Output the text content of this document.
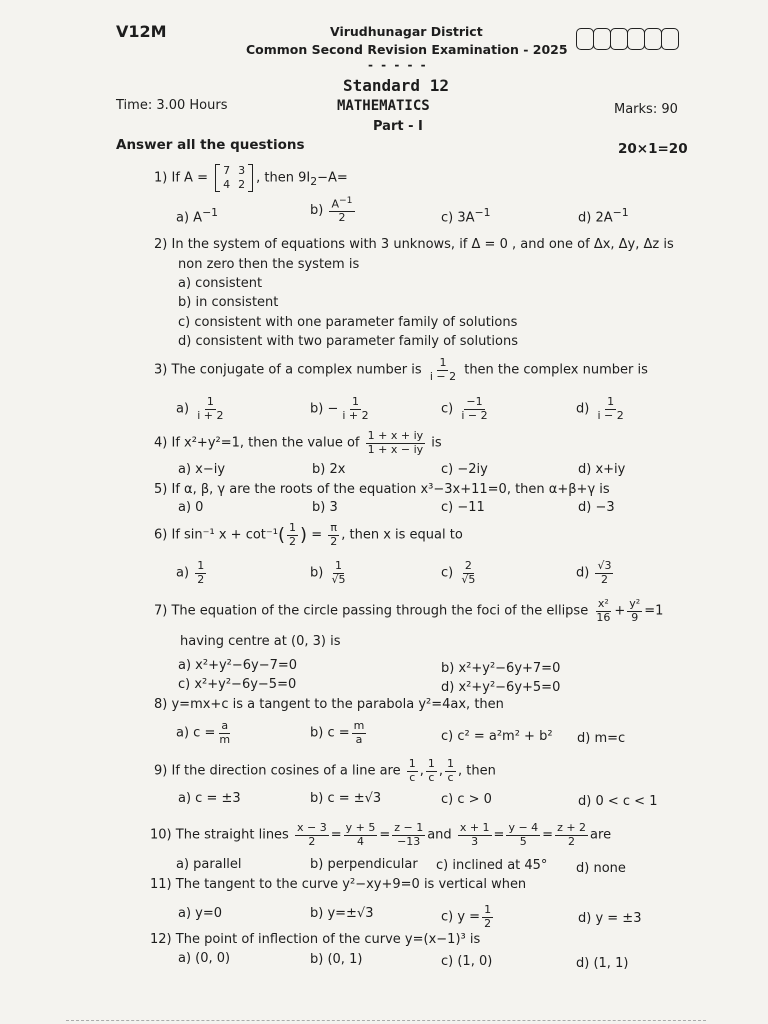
V12M	Virudhunagar District
Common Second Revision Examination - 2025
- - - - -
Standard 12
Time: 3.00 Hours	MATHEMATICS	Marks: 90
Part - I
Answer all the questions	20×1=20
1) If A = 7 3
4 2 , then $9I_2-A=$
a) $A^{-1}$	$b) \frac{A^{-1}}{2}$	c) $3A^{-1}$	d) $2A^{-1}$
2) In the system of equations with 3 unknows, if Δ = 0 , and one of Δx, Δy, Δz is
non zero then the system is
a) consistent
b) in consistent
c) consistent with one parameter family of solutions
d) consistent with two parameter family of solutions
3) The conjugate of a complex number is $\frac{1}{i - 2}$ then the complex number is
$a) \frac{1}{i + 2}$	$b) - \frac{1}{i + 2}$	$c) \frac{-1}{i - 2}$	$d) \frac{1}{i - 2}$
4) If x²+y²=1, then the value of $\frac{1 + x + iy}{1 + x - iy}$ is
a) x−iy	b) 2x	c) −2iy	d) x+iy
5) If α, β, γ are the roots of the equation x³−3x+11=0, then α+β+γ is
a) 0	b) 3	c) −11	d) −3
6) If sin⁻¹ $x + \cot^{-1}( \frac{1}{2}$ ) = $\frac{\pi}{2}$ , then x is equal to
$a) \frac{1}{2}$	$b) \frac{1}{√5}$	$c) \frac{2}{√5}$	$d) \frac{√3}{2}$
7) The equation of the circle passing through the foci of the ellipse $\frac{\text{x²}}{16} + \frac{\text{y²}}{9} =1$
having centre at (0, 3) is
a) x²+y²−6y−7=0	b) x²+y²−6y+7=0
c) x²+y²−6y−5=0	d) x²+y²−6y+5=0
8) y=mx+c is a tangent to the parabola y²=4ax, then
a) $c = \frac{a}{m}$	b) $c = \frac{m}{a}$	c) c² = a²m² + b² d) m=c
9) If the direction cosines of a line are $\frac{1}{c}$ , $\frac{1}{c}$ , $\frac{1}{c}$ , then
a) c = ±3	b) c = ±√3	c) c > 0	d) 0 < c < 1
10) The straight lines $\frac{x - 3}{2} = \frac{y + 5}{4} = \frac{z - 1}{-13}$ and $\frac{x + 1}{3} = \frac{y - 4}{5} = \frac{z + 2}{2}$ are
a) parallel	b) perpendicular c) inclined at 45° d) none
11) The tangent to the curve y²−xy+9=0 is vertical when
a) y=0	b) y=±√3	c) $y = \frac{1}{2}$	d) y = ±3
12) The point of inflection of the curve y=(x−1)³ is
a) (0, 0)	b) (0, 1)	c) (1, 0)	d) (1, 1)
